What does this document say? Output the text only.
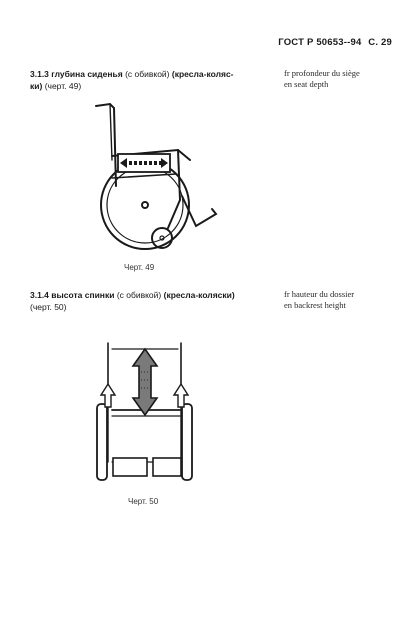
ГОСТ Р 50653--94 С. 29
3.1.3 глубина сиденья (с обивкой) (кресла-коляс-
ки) (черт. 49)
fr profondeur du siège
en seat depth
Черт. 49
3.1.4 высота спинки (с обивкой) (кресла-коляски)
(черт. 50)
fr hauteur du dossier
en backrest height
Черт. 50
